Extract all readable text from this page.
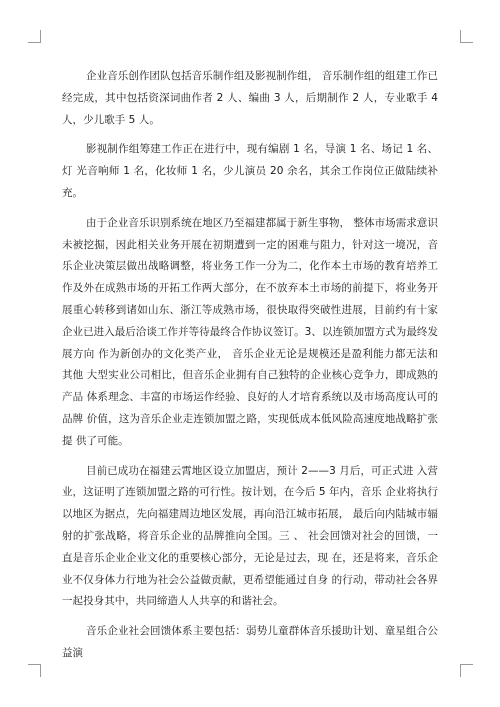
企业音乐创作团队包括音乐制作组及影视制作组， 音乐制作组的组建工作已 经完成，其中包括资深词曲作者 2 人、编曲 3 人，后期制作 2 人，专业歌手 4 人，少儿歌手 5 人。

影视制作组筹建工作正在进行中，现有编剧 1 名，导演 1 名、场记 1 名、灯 光音响师 1 名，化妆师 1 名，少儿演员 20 余名，其余工作岗位正做陆续补充。

由于企业音乐识别系统在地区乃至福建都属于新生事物， 整体市场需求意识 未被挖掘，因此相关业务开展在初期遭到一定的困难与阻力，针对这一境况，音 乐企业决策层做出战略调整，将业务工作一分为二，化作本土市场的教育培养工 作及外在成熟市场的开拓工作两大部分，在不放弃本土市场的前提下，将业务开 展重心转移到诸如山东、浙江等成熟市场，很快取得突破性进展，目前约有十家 企业已进入最后洽谈工作并等待最终合作协议签订。3、以连锁加盟方式为最终发展方向 作为新创办的文化类产业， 音乐企业无论是规模还是盈利能力都无法和其他 大型实业公司相比，但音乐企业拥有自己独特的企业核心竞争力，即成熟的产品 体系理念、丰富的市场运作经验、良好的人才培育系统以及市场高度认可的品牌 价值，这为音乐企业走连锁加盟之路，实现低成本低风险高速度地战略扩张提 供了可能。

目前已成功在福建云霄地区设立加盟店，预计 2——3 月后，可正式进 入营业，这证明了连锁加盟之路的可行性。按计划，在今后 5 年内，音乐 企业将执行以地区为据点，先向福建周边地区发展，再向沿江城市拓展， 最后向内陆城市辐射的扩张战略，将音乐企业的品牌推向全国。三 、 社会回馈对社会的回馈，一直是音乐企业企业文化的重要核心部分，无论是过去，现 在，还是将来，音乐企业不仅身体力行地为社会公益做贡献，更希望能通过自身 的行动，带动社会各界一起投身其中，共同缔造人人共享的和谐社会。

音乐企业社会回馈体系主要包括：弱势儿童群体音乐援助计划、童星组合公益演
